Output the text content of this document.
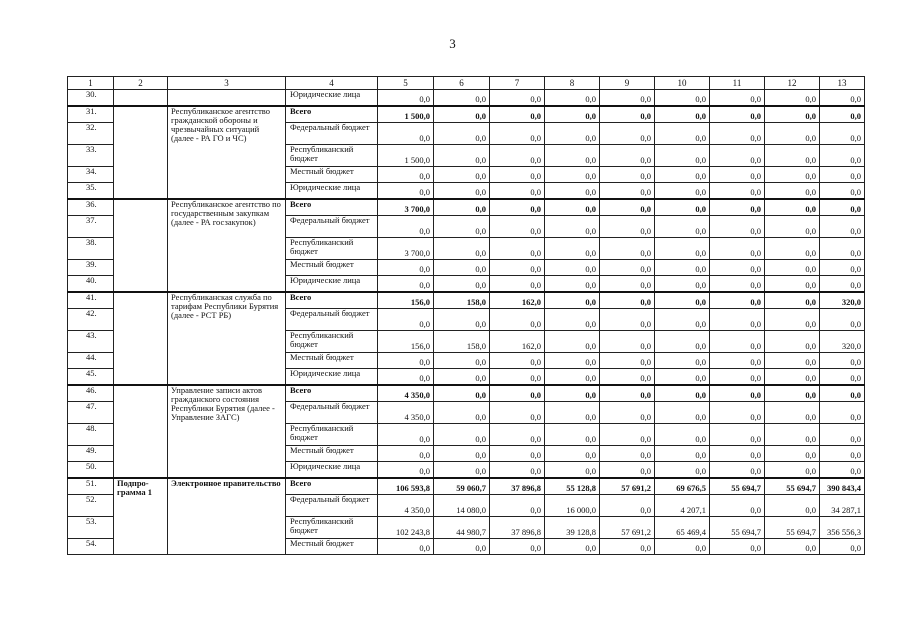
3
1	2	3	4	5	6	7	8	9	10	11	12	13
30.			Юридические лица	0,0	0,0	0,0	0,0	0,0	0,0	0,0	0,0	0,0
31.		Республиканское агентство гражданской обороны и чрезвычайных ситуаций (далее - РА ГО и ЧС)	Всего	1 500,0	0,0	0,0	0,0	0,0	0,0	0,0	0,0	0,0
32.			Федеральный бюджет	0,0	0,0	0,0	0,0	0,0	0,0	0,0	0,0	0,0
33.			Республиканский бюджет	1 500,0	0,0	0,0	0,0	0,0	0,0	0,0	0,0	0,0
34.			Местный бюджет	0,0	0,0	0,0	0,0	0,0	0,0	0,0	0,0	0,0
35.			Юридические лица	0,0	0,0	0,0	0,0	0,0	0,0	0,0	0,0	0,0
36.		Республиканское агентство по государственным закупкам (далее - РА госзакупок)	Всего	3 700,0	0,0	0,0	0,0	0,0	0,0	0,0	0,0	0,0
37.			Федеральный бюджет	0,0	0,0	0,0	0,0	0,0	0,0	0,0	0,0	0,0
38.			Республиканский бюджет	3 700,0	0,0	0,0	0,0	0,0	0,0	0,0	0,0	0,0
39.			Местный бюджет	0,0	0,0	0,0	0,0	0,0	0,0	0,0	0,0	0,0
40.			Юридические лица	0,0	0,0	0,0	0,0	0,0	0,0	0,0	0,0	0,0
41.		Республиканская служба по тарифам Республики Бурятия (далее - РСТ РБ)	Всего	156,0	158,0	162,0	0,0	0,0	0,0	0,0	0,0	320,0
42.			Федеральный бюджет	0,0	0,0	0,0	0,0	0,0	0,0	0,0	0,0	0,0
43.			Республиканский бюджет	156,0	158,0	162,0	0,0	0,0	0,0	0,0	0,0	320,0
44.			Местный бюджет	0,0	0,0	0,0	0,0	0,0	0,0	0,0	0,0	0,0
45.			Юридические лица	0,0	0,0	0,0	0,0	0,0	0,0	0,0	0,0	0,0
46.		Управление записи актов гражданского состояния Республики Бурятия (далее - Управление ЗАГС)	Всего	4 350,0	0,0	0,0	0,0	0,0	0,0	0,0	0,0	0,0
47.			Федеральный бюджет	4 350,0	0,0	0,0	0,0	0,0	0,0	0,0	0,0	0,0
48.			Республиканский бюджет	0,0	0,0	0,0	0,0	0,0	0,0	0,0	0,0	0,0
49.			Местный бюджет	0,0	0,0	0,0	0,0	0,0	0,0	0,0	0,0	0,0
50.			Юридические лица	0,0	0,0	0,0	0,0	0,0	0,0	0,0	0,0	0,0
51.	Подпро-грамма 1	Электронное правительство	Всего	106 593,8	59 060,7	37 896,8	55 128,8	57 691,2	69 676,5	55 694,7	55 694,7	390 843,4
52.			Федеральный бюджет	4 350,0	14 080,0	0,0	16 000,0	0,0	4 207,1	0,0	0,0	34 287,1
53.			Республиканский бюджет	102 243,8	44 980,7	37 896,8	39 128,8	57 691,2	65 469,4	55 694,7	55 694,7	356 556,3
54.			Местный бюджет	0,0	0,0	0,0	0,0	0,0	0,0	0,0	0,0	0,0
